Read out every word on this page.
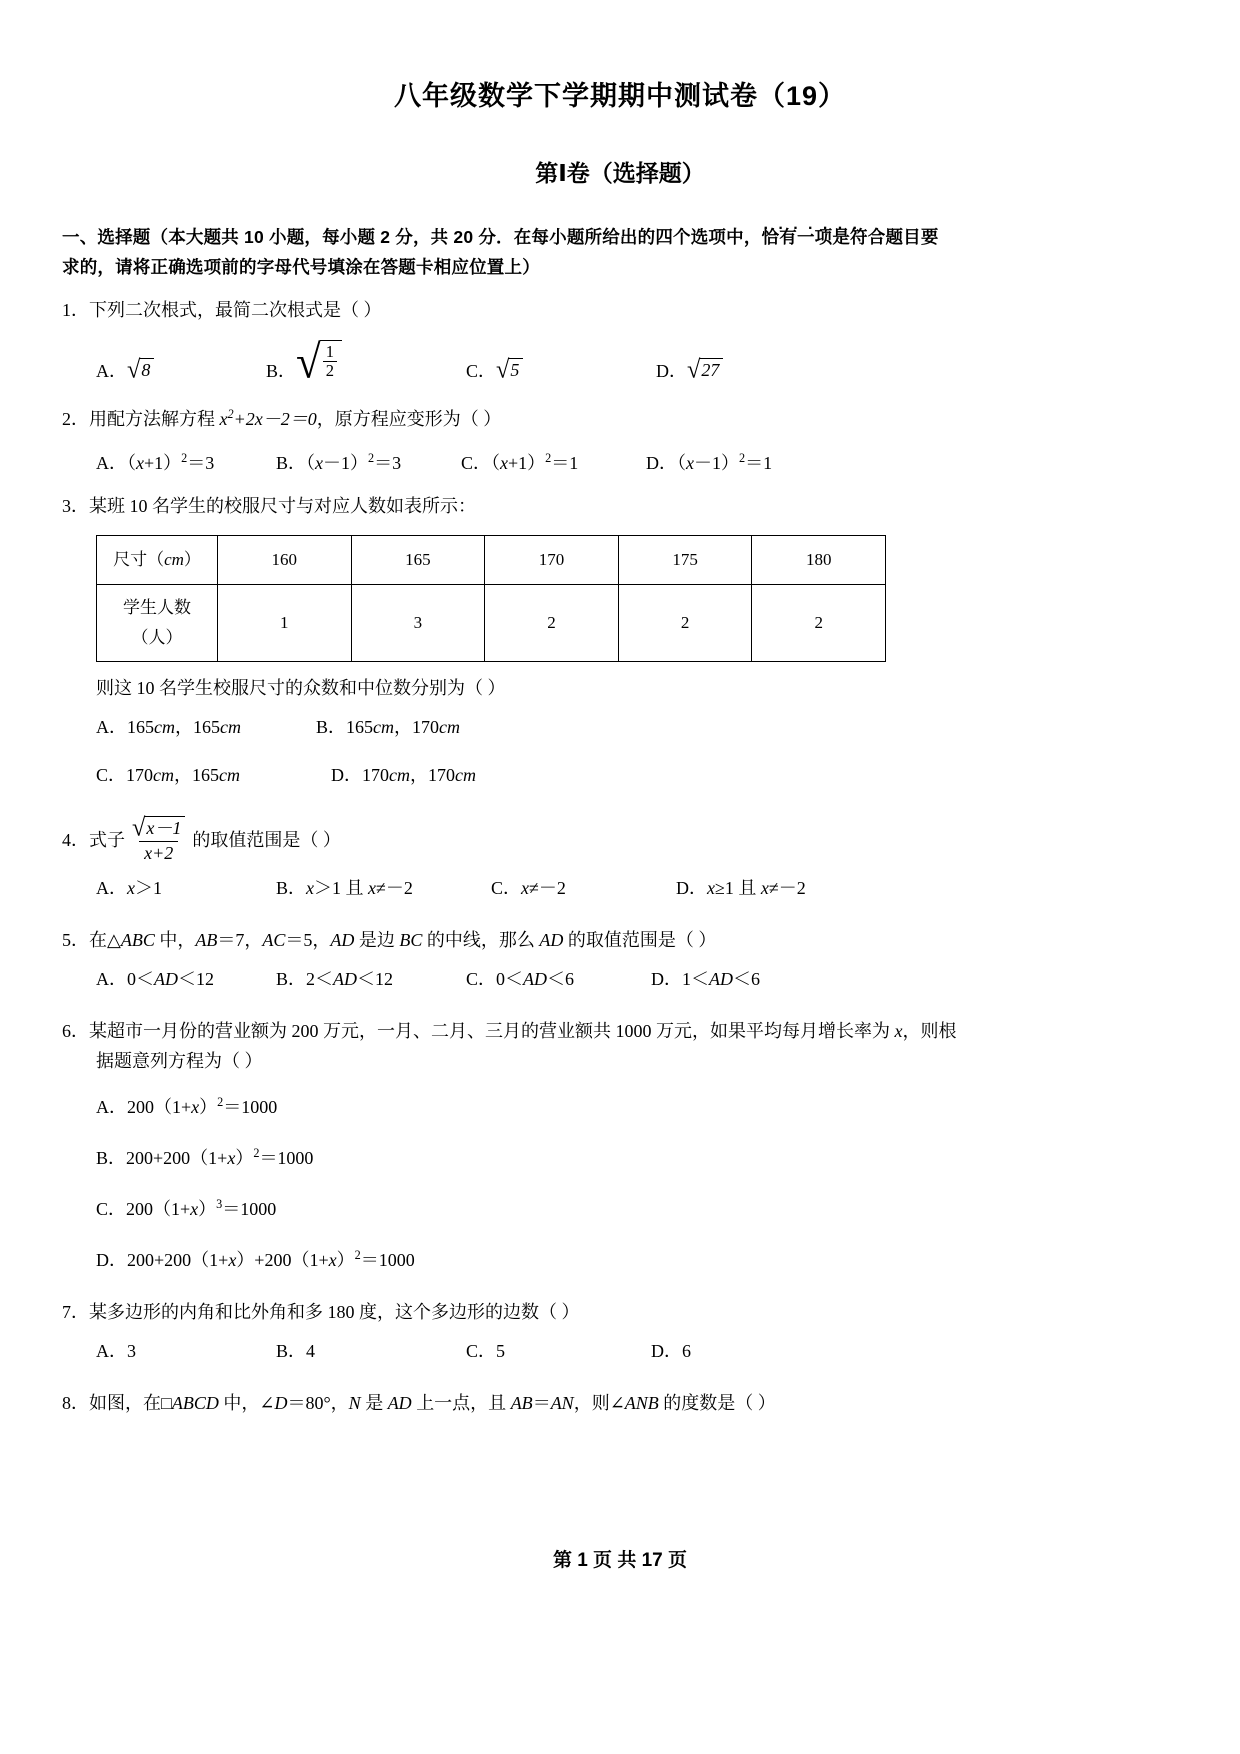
八年级数学下学期期中测试卷（19）
第Ⅰ卷（选择题）
一、选择题（本大题共 10 小题，每小题 2 分，共 20 分．在每小题所给出的四个选项中，恰有一项是符合题目要 ·······
求的，请将正确选项前的字母代号填涂在答题卡相应位置上）
1．下列二次根式，最简二次根式是（ ）
A． √ 8	B． √ $\frac{1}{2}$	C． √ 5	D． √ 27
2．用配方法解方程 $x^2+2x-2=0$，原方程应变形为（ ）
A．$(x+1)^2=3$	B．$(x-1)^2=3$	C．$(x+1)^2=1$	D．$(x-1)^2=1$
3．某班 10 名学生的校服尺寸与对应人数如表所示：
尺寸（cm）	160	165	170	175	180

学生人数
（人）	1	3	2	2	2
则这 10 名学生校服尺寸的众数和中位数分别为（ ）
A．165cm，165cm	B．165cm，170cm
C．170cm，165cm	D．170cm，170cm
4．式子 $\frac{√ x-1}{x+2}$ 的取值范围是（ ）
A．x＞1	B．x＞1 且 x≠－2	C．x≠－2	D．x≥1 且 x≠－2
5．在△ABC 中，AB＝7，AC＝5，AD 是边 BC 的中线，那么 AD 的取值范围是（ ）
A．0＜AD＜12	B．2＜AD＜12	C．0＜AD＜6	D．1＜AD＜6
6．某超市一月份的营业额为 200 万元，一月、二月、三月的营业额共 1000 万元，如果平均每月增长率为 x，则根
据题意列方程为（ ）
A．$200(1+x)^2=1000$
B．$200+200(1+x)^2=1000$
C．$200(1+x)^3=1000$
D．$200+200(1+x)+200(1+x)^2=1000$
7．某多边形的内角和比外角和多 180 度，这个多边形的边数（ ）
A．3	B．4	C．5	D．6
8．如图，在□ABCD 中，∠D＝80°，N 是 AD 上一点，且 AB＝AN，则∠ANB 的度数是（ ）
第 1 页 共 17 页
